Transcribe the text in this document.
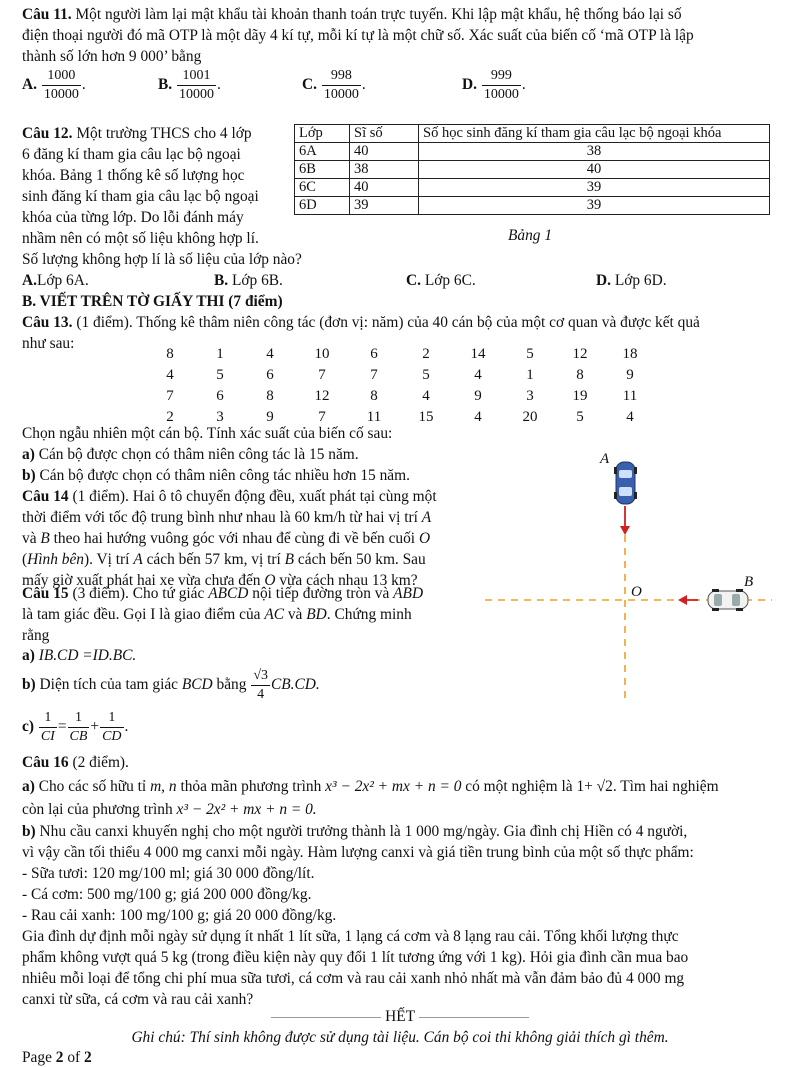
Câu 11. Một người làm lại mật khẩu tài khoản thanh toán trực tuyến. Khi lập mật khẩu, hệ thống báo lại số
điện thoại người đó mã OTP là một dãy 4 kí tự, mỗi kí tự là một chữ số. Xác suất của biến cố ‘mã OTP là lập
thành số lớn hơn 9 000’ bằng
A. $\frac{1000}{10000}$ .	B. $\frac{1001}{10000}$ .	C. $\frac{998}{10000}$ .	D. $\frac{999}{10000}$ .
Câu 12. Một trường THCS cho 4 lớp
6 đăng kí tham gia câu lạc bộ ngoại
khóa. Bảng 1 thống kê số lượng học
sinh đăng kí tham gia câu lạc bộ ngoại
khóa của từng lớp. Do lỗi đánh máy
nhầm nên có một số liệu không hợp lí.
Lớp	Sĩ số	Số học sinh đăng kí tham gia câu lạc bộ ngoại khóa
6A	40	38
6B	38	40
6C	40	39
6D	39	39
Bảng 1
Số lượng không hợp lí là số liệu của lớp nào?
A.Lớp 6A.	B. Lớp 6B.	C. Lớp 6C.	D. Lớp 6D.
B. VIẾT TRÊN TỜ GIẤY THI (7 điểm)
Câu 13. (1 điểm). Thống kê thâm niên công tác (đơn vị: năm) của 40 cán bộ của một cơ quan và được kết quả
như sau:
8	1	4	10	6	2	14	5	12	18
4	5	6	7	7	5	4	1	8	9
7	6	8	12	8	4	9	3	19	11
2	3	9	7	11	15	4	20	5	4
Chọn ngẫu nhiên một cán bộ. Tính xác suất của biến cố sau:
a) Cán bộ được chọn có thâm niên công tác là 15 năm.
b) Cán bộ được chọn có thâm niên công tác nhiều hơn 15 năm.
Câu 14 (1 điểm). Hai ô tô chuyển động đều, xuất phát tại cùng một
thời điểm với tốc độ trung bình như nhau là 60 km/h từ hai vị trí A
và B theo hai hướng vuông góc với nhau để cùng đi về bến cuối O
(Hình bên). Vị trí A cách bến 57 km, vị trí B cách bến 50 km. Sau
mấy giờ xuất phát hai xe vừa chưa đến O vừa cách nhau 13 km?
A
B
O
Câu 15 (3 điểm). Cho tứ giác ABCD nội tiếp đường tròn và ABD
là tam giác đều. Gọi I là giao điểm của AC và BD. Chứng minh
rằng
a) IB.CD =ID.BC.
b) Diện tích của tam giác BCD bằng $\frac{√3}{4} CB.CD$.
$c) \frac{1}{CI} = \frac{1}{CB} + \frac{1}{CD}$ .
Câu 16 (2 điểm).
a) Cho các số hữu tỉ m, n thỏa mãn phương trình x³ − 2x² + mx + n = 0 có một nghiệm là 1+ √2. Tìm hai nghiệm
còn lại của phương trình x³ − 2x² + mx + n = 0.
b) Nhu cầu canxi khuyến nghị cho một người trưởng thành là 1 000 mg/ngày. Gia đình chị Hiền có 4 người,
vì vậy cần tối thiểu 4 000 mg canxi mỗi ngày. Hàm lượng canxi và giá tiền trung bình của một số thực phẩm:
- Sữa tươi: 120 mg/100 ml; giá 30 000 đồng/lít.
- Cá cơm: 500 mg/100 g; giá 200 000 đồng/kg.
- Rau cải xanh: 100 mg/100 g; giá 20 000 đồng/kg.
Gia đình dự định mỗi ngày sử dụng ít nhất 1 lít sữa, 1 lạng cá cơm và 8 lạng rau cải. Tổng khối lượng thực
phẩm không vượt quá 5 kg (trong điều kiện này quy đổi 1 lít tương ứng với 1 kg). Hỏi gia đình cần mua bao
nhiêu mỗi loại để tổng chi phí mua sữa tươi, cá cơm và rau cải xanh nhỏ nhất mà vẫn đảm bảo đủ 4 000 mg
canxi từ sữa, cá cơm và rau cải xanh?
HẾT
Ghi chú: Thí sinh không được sử dụng tài liệu. Cán bộ coi thi không giải thích gì thêm.
Page 2 of 2
